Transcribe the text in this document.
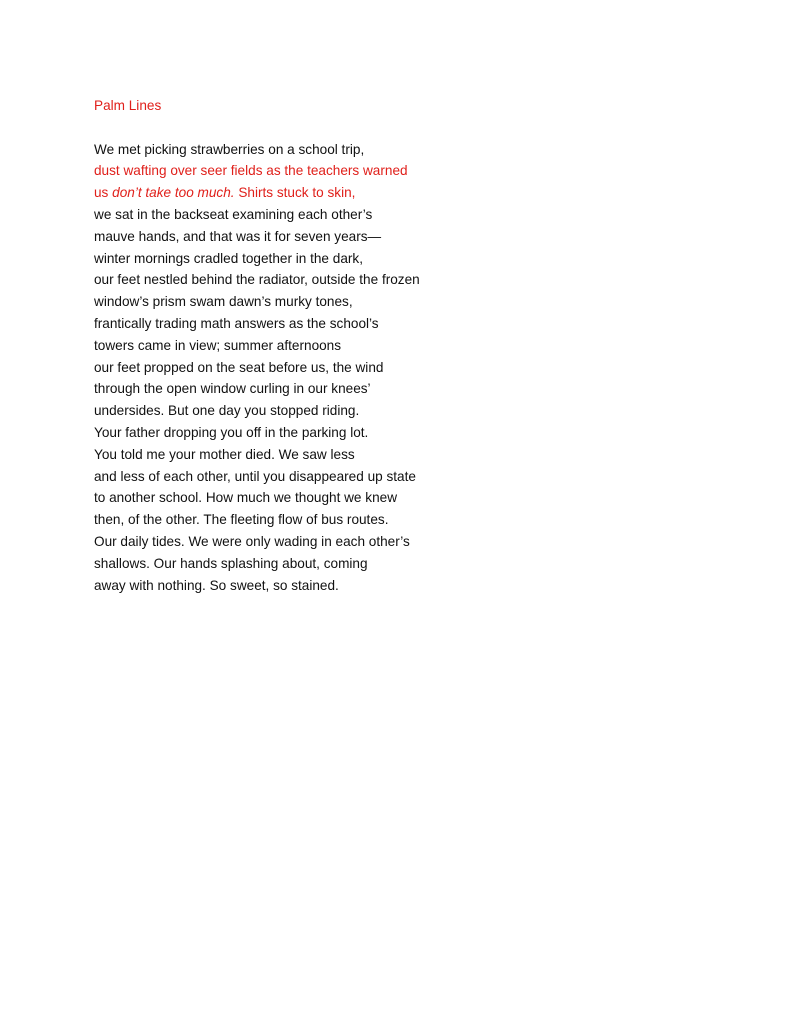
Palm Lines
We met picking strawberries on a school trip,
dust wafting over seer fields as the teachers warned
us don’t take too much. Shirts stuck to skin,
we sat in the backseat examining each other’s
mauve hands, and that was it for seven years—
winter mornings cradled together in the dark,
our feet nestled behind the radiator, outside the frozen
window’s prism swam dawn’s murky tones,
frantically trading math answers as the school’s
towers came in view; summer afternoons
our feet propped on the seat before us, the wind
through the open window curling in our knees’
undersides. But one day you stopped riding.
Your father dropping you off in the parking lot.
You told me your mother died. We saw less
and less of each other, until you disappeared up state
to another school. How much we thought we knew
then, of the other. The fleeting flow of bus routes.
Our daily tides. We were only wading in each other’s
shallows. Our hands splashing about, coming
away with nothing. So sweet, so stained.
